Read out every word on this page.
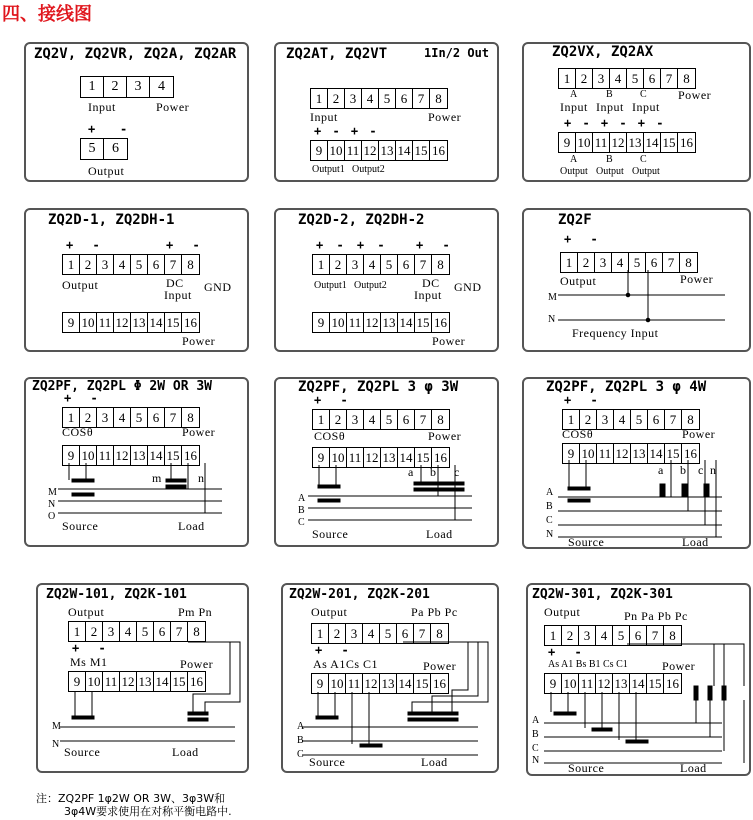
四、接线图
ZQ2V, ZQ2VR, ZQ2A, ZQ2AR
1	2	3	4
Input	Power
+ -
5	6
Output
ZQ2AT, ZQ2VT	1In/2 Out
1 2 3 4 5 6 7 8
Input	Power
+ - + -
9 10 11 12 13 14 15 16
Output1 Output2
ZQ2VX, ZQ2AX
1 2 3 4 5 6 7 8
A	B	C	Power
Input Input Input
+ - + - + -
9 10 11 12 13 14 15 16
A	B	C
Output Output Output
ZQ2D-1, ZQ2DH-1
+ -	+ -
1 2 3 4 5 6 7 8
Output	DC GND
Input
9 10 11 12 13 14 15 16
Power
ZQ2D-2, ZQ2DH-2
+ - + - + -
1 2 3 4 5 6 7 8
Output1 Output2	DC GND
Input
9 10 11 12 13 14 15 16
Power
ZQ2F
+ -
1 2 3 4 5 6 7 8
Output	Power
M
N
Frequency Input
ZQ2PF, ZQ2PL Φ 2W OR 3W
+ -
1 2 3 4 5 6 7 8
COSθ	Power
9 10 11 12 13 14 15 16
m	n
M
N
O
Source	Load
ZQ2PF, ZQ2PL 3 φ 3W
+ -
1 2 3 4 5 6 7 8
COSθ	Power
9 10 11 12 13 14 15 16
a b c
A
B
C
Source	Load
ZQ2PF, ZQ2PL 3 φ 4W
+ -
1 2 3 4 5 6 7 8
COSθ	Power
9 10 11 12 13 14 15 16
a b c n
A
B
C
N
Source	Load
ZQ2W-101, ZQ2K-101
Output	Pm Pn
1 2 3 4 5 6 7 8
+ -
Ms M1	Power
9 10 11 12 13 14 15 16
M
N
Source	Load
ZQ2W-201, ZQ2K-201
Output	Pa Pb Pc
1 2 3 4 5 6 7 8
+ -
As A1Cs C1	Power
9 10 11 12 13 14 15 16
A
B
C
Source	Load
ZQ2W-301, ZQ2K-301
Output	Pn Pa Pb Pc
1 2 3 4 5 6 7 8
+ -
As A1 Bs B1 Cs C1	Power
9 10 11 12 13 14 15 16
A
B
C
N
Source	Load
注：ZQ2PF 1φ2W OR 3W、3φ3W和
3φ4W要求使用在对称平衡电路中.
